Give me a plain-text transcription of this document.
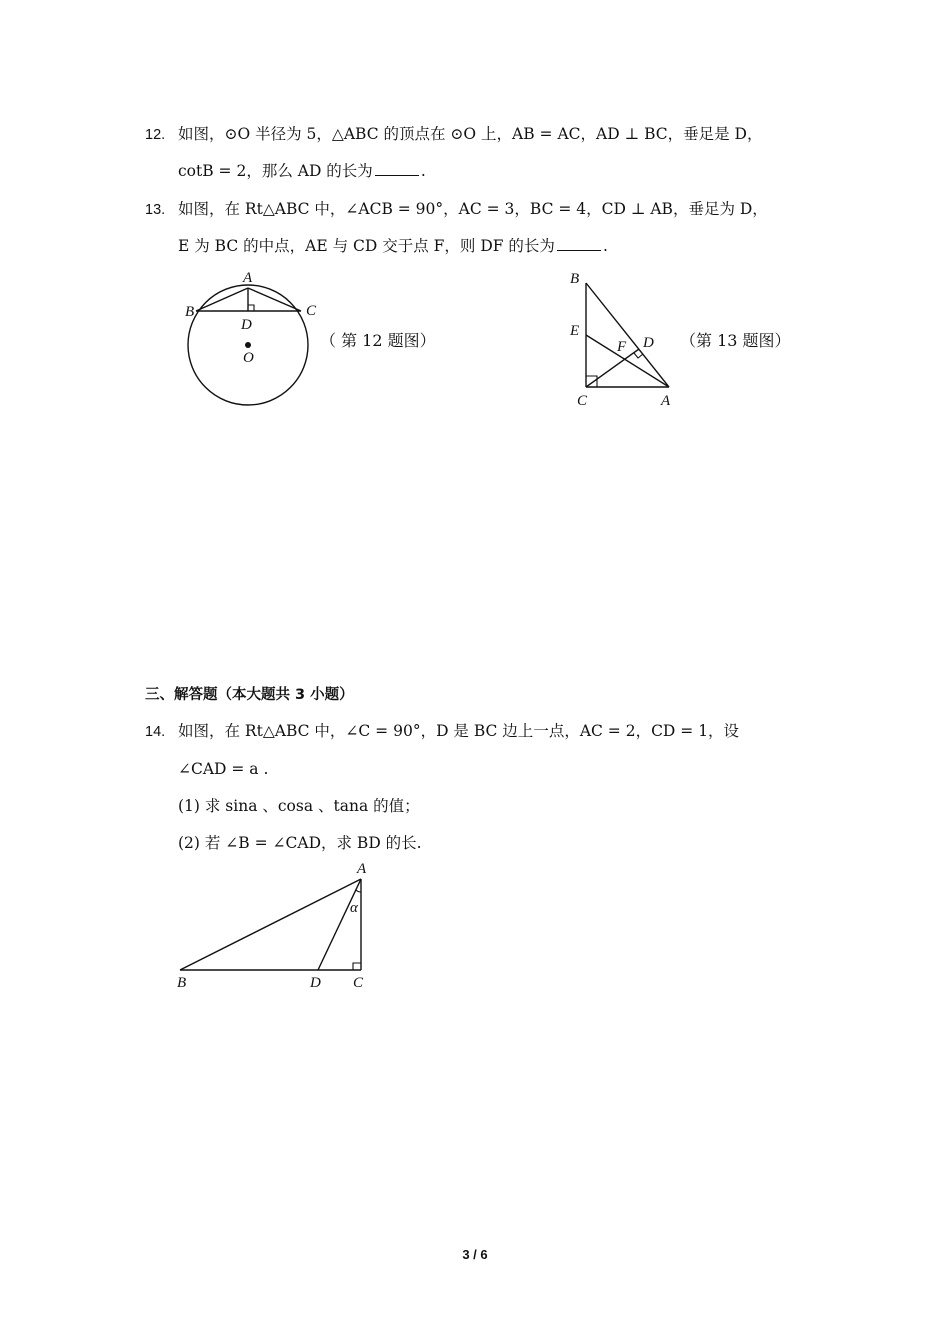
12. 如图，⊙O 半径为 5，△ABC 的顶点在 ⊙O 上，AB = AC，AD ⊥ BC，垂足是 D，
cotB = 2，那么 AD 的长为	.
13. 如图，在 Rt△ABC 中，∠ACB = 90°，AC = 3，BC = 4，CD ⊥ AB，垂足为 D，
E 为 BC 的中点，AE 与 CD 交于点 F，则 DF 的长为	.
A
B	C
D
O
（ 第 12 题图）
B
E
F D
C	A
（第 13 题图）
三、解答题（本大题共 3 小题）
14. 如图，在 Rt△ABC 中，∠C = 90°，D 是 BC 边上一点，AC = 2，CD = 1，设
∠CAD = a .
(1) 求 sina 、cosa 、tana 的值；
(2) 若 ∠B = ∠CAD，求 BD 的长.
A
α
B	D C
3 / 6
